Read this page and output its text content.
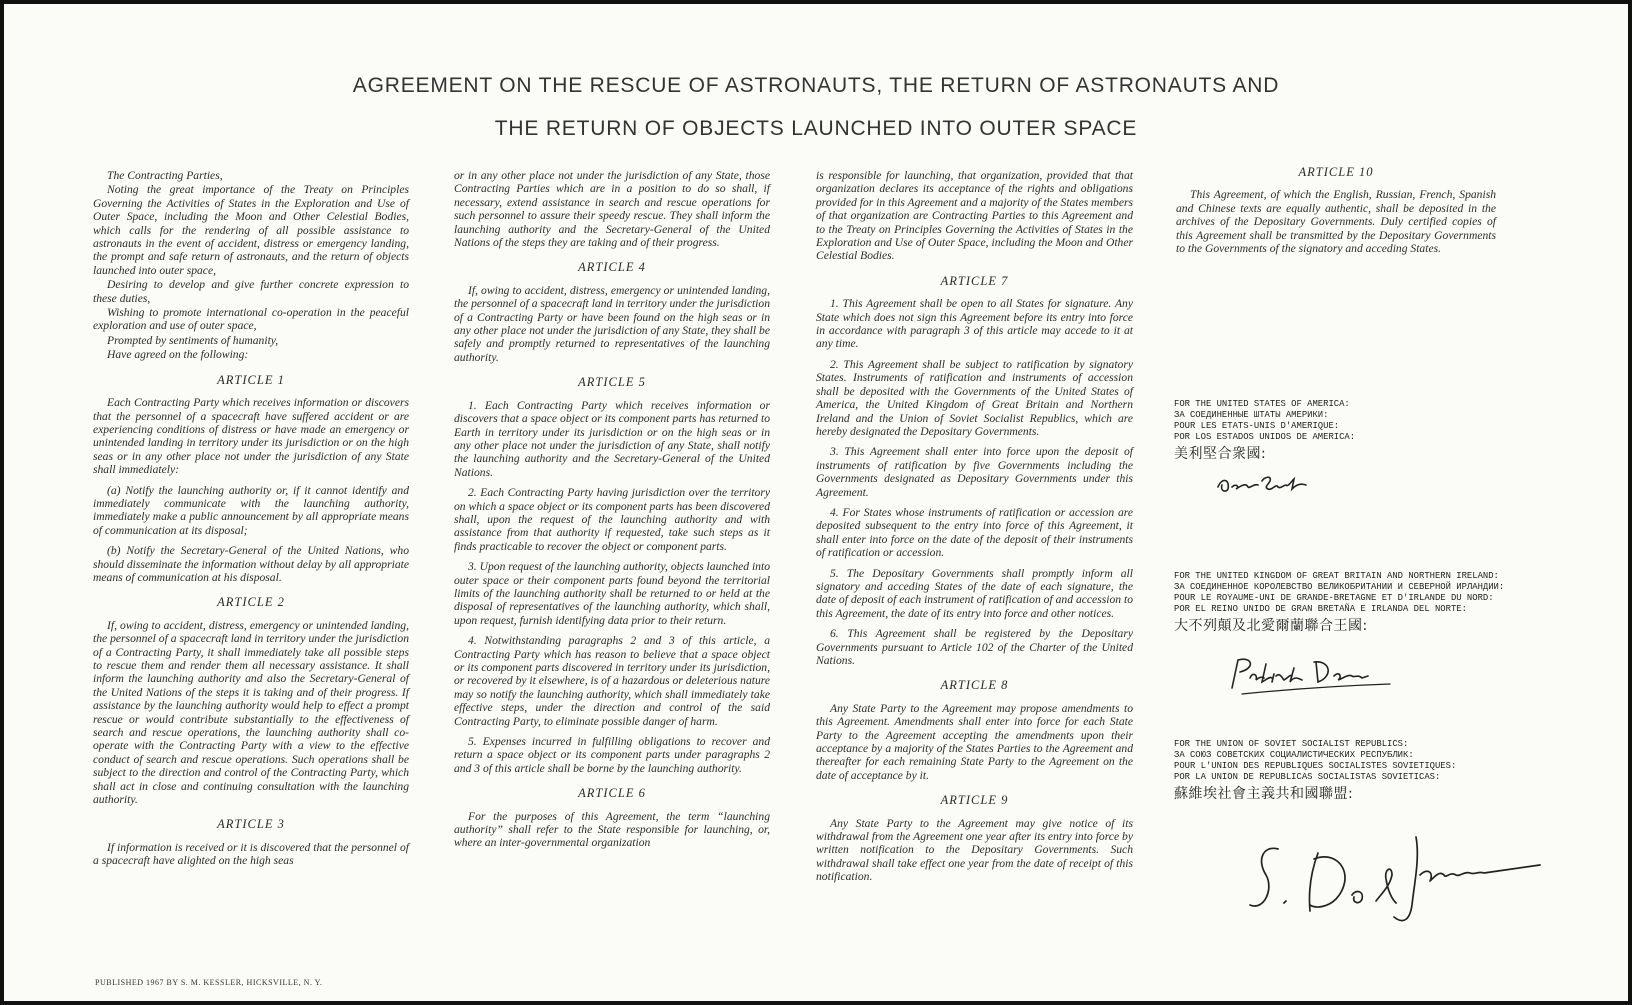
AGREEMENT ON THE RESCUE OF ASTRONAUTS, THE RETURN OF ASTRONAUTS AND
THE RETURN OF OBJECTS LAUNCHED INTO OUTER SPACE

The Contracting Parties,

Noting the great importance of the Treaty on Principles Governing the Activities of States in the Exploration and Use of Outer Space, including the Moon and Other Celestial Bodies, which calls for the rendering of all possible assistance to astronauts in the event of accident, distress or emergency landing, the prompt and safe return of astronauts, and the return of objects launched into outer space,

Desiring to develop and give further concrete expression to these duties,

Wishing to promote international co-operation in the peaceful exploration and use of outer space,

Prompted by sentiments of humanity,

Have agreed on the following:

ARTICLE 1

Each Contracting Party which receives information or discovers that the personnel of a spacecraft have suffered accident or are experiencing conditions of distress or have made an emergency or unintended landing in territory under its jurisdiction or on the high seas or in any other place not under the jurisdiction of any State shall immediately:

(a) Notify the launching authority or, if it cannot identify and immediately communicate with the launching authority, immediately make a public announcement by all appropriate means of communication at its disposal;

(b) Notify the Secretary-General of the United Nations, who should disseminate the information without delay by all appropriate means of communication at his disposal.

ARTICLE 2

If, owing to accident, distress, emergency or unintended landing, the personnel of a spacecraft land in territory under the jurisdiction of a Contracting Party, it shall immediately take all possible steps to rescue them and render them all necessary assistance. It shall inform the launching authority and also the Secretary-General of the United Nations of the steps it is taking and of their progress. If assistance by the launching authority would help to effect a prompt rescue or would contribute substantially to the effectiveness of search and rescue operations, the launching authority shall co-operate with the Contracting Party with a view to the effective conduct of search and rescue operations. Such operations shall be subject to the direction and control of the Contracting Party, which shall act in close and continuing consultation with the launching authority.

ARTICLE 3

If information is received or it is discovered that the personnel of a spacecraft have alighted on the high seas

or in any other place not under the jurisdiction of any State, those Contracting Parties which are in a position to do so shall, if necessary, extend assistance in search and rescue operations for such personnel to assure their speedy rescue. They shall inform the launching authority and the Secretary-General of the United Nations of the steps they are taking and of their progress.

ARTICLE 4

If, owing to accident, distress, emergency or unintended landing, the personnel of a spacecraft land in territory under the jurisdiction of a Contracting Party or have been found on the high seas or in any other place not under the jurisdiction of any State, they shall be safely and promptly returned to representatives of the launching authority.

ARTICLE 5

1. Each Contracting Party which receives information or discovers that a space object or its component parts has returned to Earth in territory under its jurisdiction or on the high seas or in any other place not under the jurisdiction of any State, shall notify the launching authority and the Secretary-General of the United Nations.

2. Each Contracting Party having jurisdiction over the territory on which a space object or its component parts has been discovered shall, upon the request of the launching authority and with assistance from that authority if requested, take such steps as it finds practicable to recover the object or component parts.

3. Upon request of the launching authority, objects launched into outer space or their component parts found beyond the territorial limits of the launching authority shall be returned to or held at the disposal of representatives of the launching authority, which shall, upon request, furnish identifying data prior to their return.

4. Notwithstanding paragraphs 2 and 3 of this article, a Contracting Party which has reason to believe that a space object or its component parts discovered in territory under its jurisdiction, or recovered by it elsewhere, is of a hazardous or deleterious nature may so notify the launching authority, which shall immediately take effective steps, under the direction and control of the said Contracting Party, to eliminate possible danger of harm.

5. Expenses incurred in fulfilling obligations to recover and return a space object or its component parts under paragraphs 2 and 3 of this article shall be borne by the launching authority.

ARTICLE 6

For the purposes of this Agreement, the term “launching authority” shall refer to the State responsible for launching, or, where an inter-governmental organization

is responsible for launching, that organization, provided that that organization declares its acceptance of the rights and obligations provided for in this Agreement and a majority of the States members of that organization are Contracting Parties to this Agreement and to the Treaty on Principles Governing the Activities of States in the Exploration and Use of Outer Space, including the Moon and Other Celestial Bodies.

ARTICLE 7

1. This Agreement shall be open to all States for signature. Any State which does not sign this Agreement before its entry into force in accordance with paragraph 3 of this article may accede to it at any time.

2. This Agreement shall be subject to ratification by signatory States. Instruments of ratification and instruments of accession shall be deposited with the Governments of the United States of America, the United Kingdom of Great Britain and Northern Ireland and the Union of Soviet Socialist Republics, which are hereby designated the Depositary Governments.

3. This Agreement shall enter into force upon the deposit of instruments of ratification by five Governments including the Governments designated as Depositary Governments under this Agreement.

4. For States whose instruments of ratification or accession are deposited subsequent to the entry into force of this Agreement, it shall enter into force on the date of the deposit of their instruments of ratification or accession.

5. The Depositary Governments shall promptly inform all signatory and acceding States of the date of each signature, the date of deposit of each instrument of ratification of and accession to this Agreement, the date of its entry into force and other notices.

6. This Agreement shall be registered by the Depositary Governments pursuant to Article 102 of the Charter of the United Nations.

ARTICLE 8

Any State Party to the Agreement may propose amendments to this Agreement. Amendments shall enter into force for each State Party to the Agreement accepting the amendments upon their acceptance by a majority of the States Parties to the Agreement and thereafter for each remaining State Party to the Agreement on the date of acceptance by it.

ARTICLE 9

Any State Party to the Agreement may give notice of its withdrawal from the Agreement one year after its entry into force by written notification to the Depositary Governments. Such withdrawal shall take effect one year from the date of receipt of this notification.

ARTICLE 10

This Agreement, of which the English, Russian, French, Spanish and Chinese texts are equally authentic, shall be deposited in the archives of the Depositary Governments. Duly certified copies of this Agreement shall be transmitted by the Depositary Governments to the Governments of the signatory and acceding States.

FOR THE UNITED STATES OF AMERICA:
ЗА СОЕДИНЕННЫЕ ШТАТЫ АМЕРИКИ:
POUR LES ETATS-UNIS D'AMERIQUE:
POR LOS ESTADOS UNIDOS DE AMERICA:
美利堅合衆國:
FOR THE UNITED KINGDOM OF GREAT BRITAIN AND NORTHERN IRELAND:
ЗА СОЕДИНЕННОЕ КОРОЛЕВСТВО ВЕЛИКОБРИТАНИИ И СЕВЕРНОЙ ИРЛАНДИИ:
POUR LE ROYAUME-UNI DE GRANDE-BRETAGNE ET D'IRLANDE DU NORD:
POR EL REINO UNIDO DE GRAN BRETAÑA E IRLANDA DEL NORTE:
大不列顛及北愛爾蘭聯合王國:
FOR THE UNION OF SOVIET SOCIALIST REPUBLICS:
ЗА СОЮЗ СОВЕТСКИХ СОЦИАЛИСТИЧЕСКИХ РЕСПУБЛИК:
POUR L'UNION DES REPUBLIQUES SOCIALISTES SOVIETIQUES:
POR LA UNION DE REPUBLICAS SOCIALISTAS SOVIETICAS:
蘇維埃社會主義共和國聯盟:
PUBLISHED 1967 BY S. M. KESSLER, HICKSVILLE, N. Y.
